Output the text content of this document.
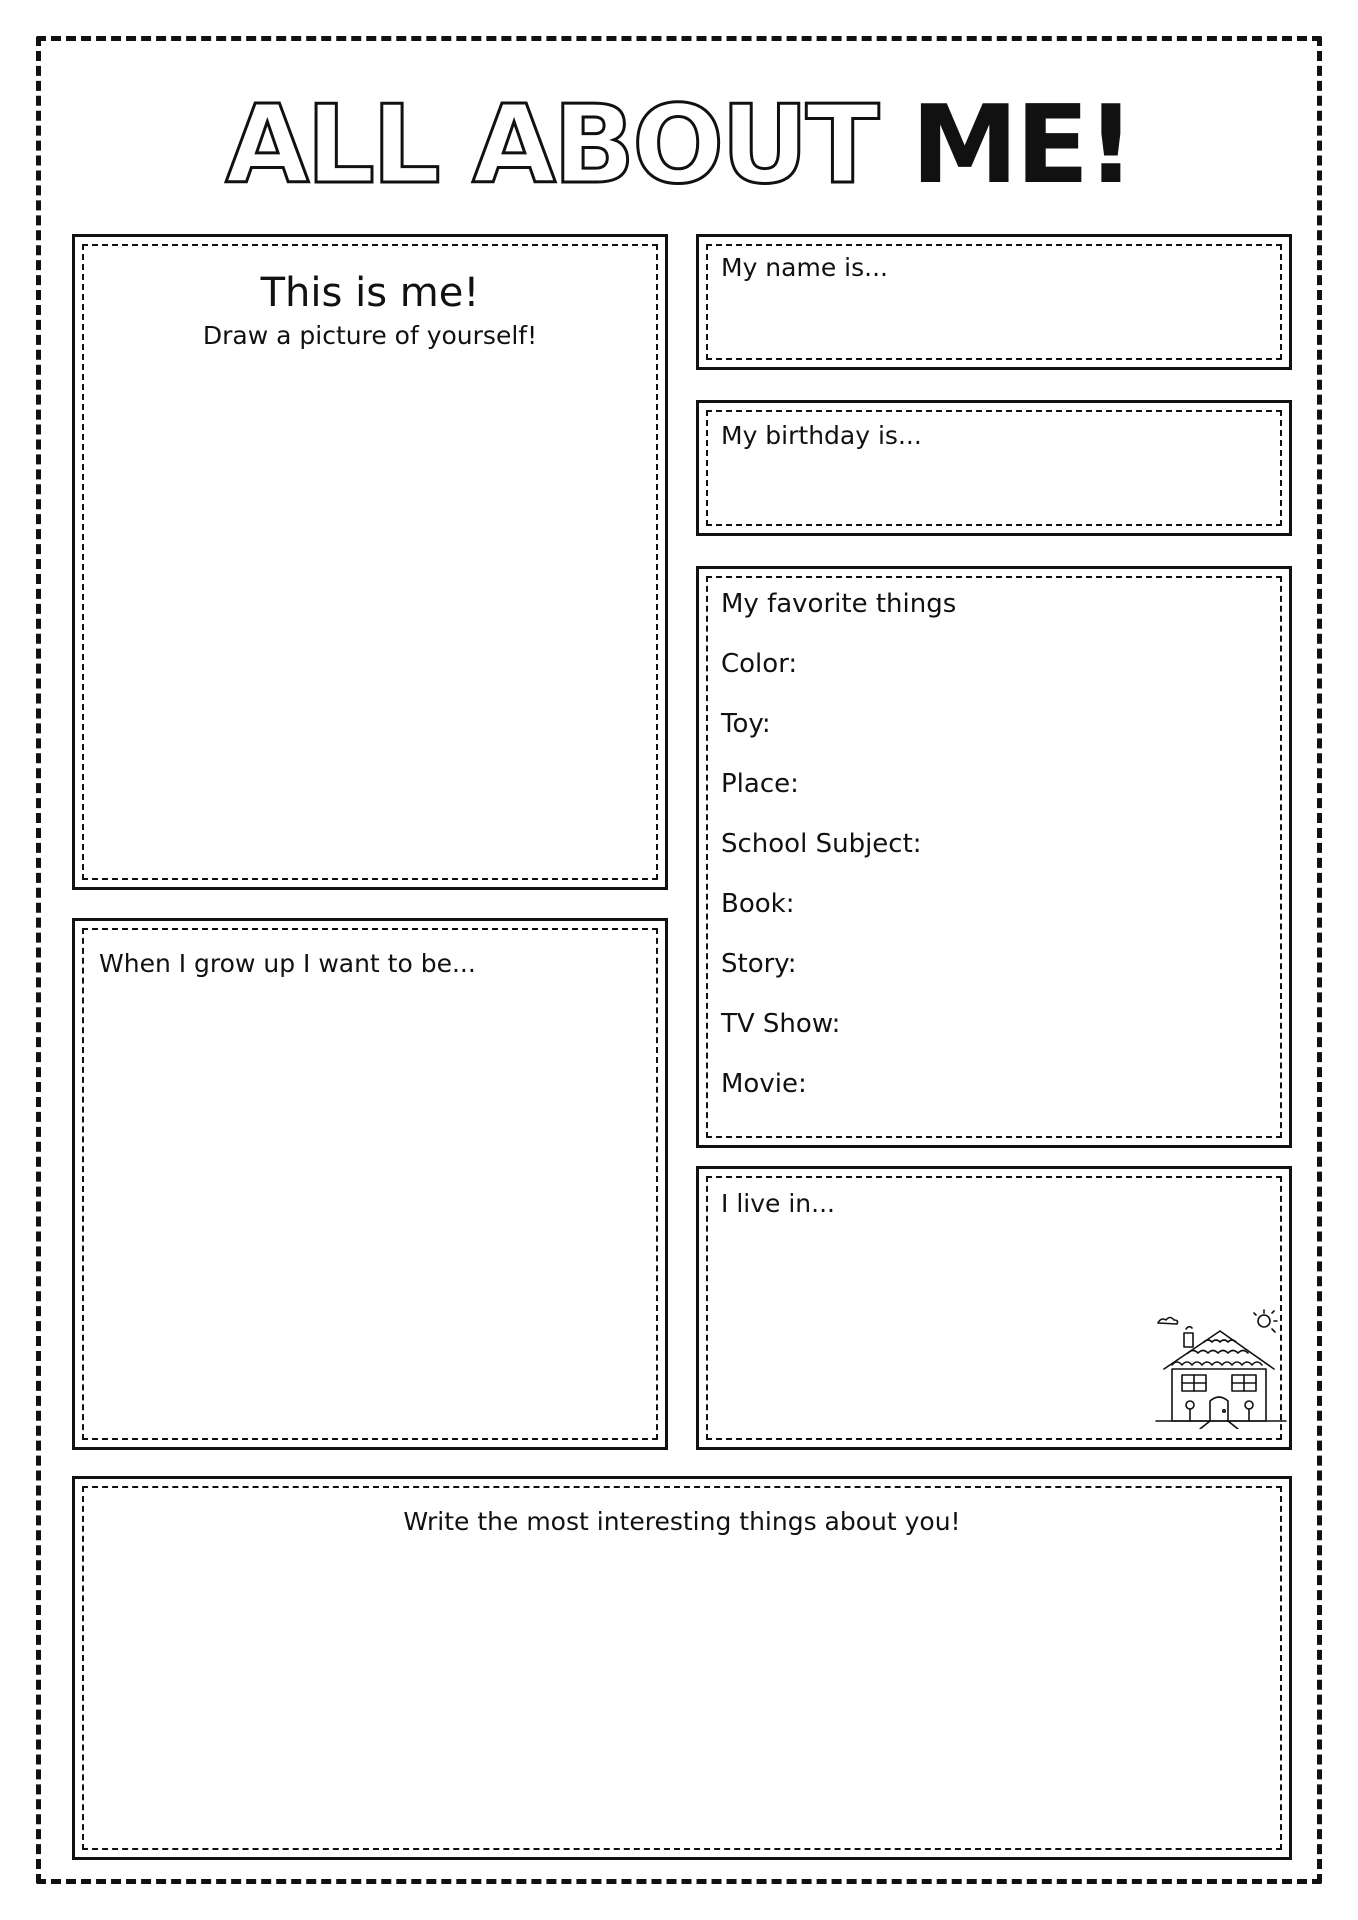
ALL ABOUT ME!
This is me!
Draw a picture of yourself!
My name is...
My birthday is...
My favorite things
Color:
Toy:
Place:
School Subject:
Book:
Story:
TV Show:
Movie:
When I grow up I want to be...
I live in...
Write the most interesting things about you!
